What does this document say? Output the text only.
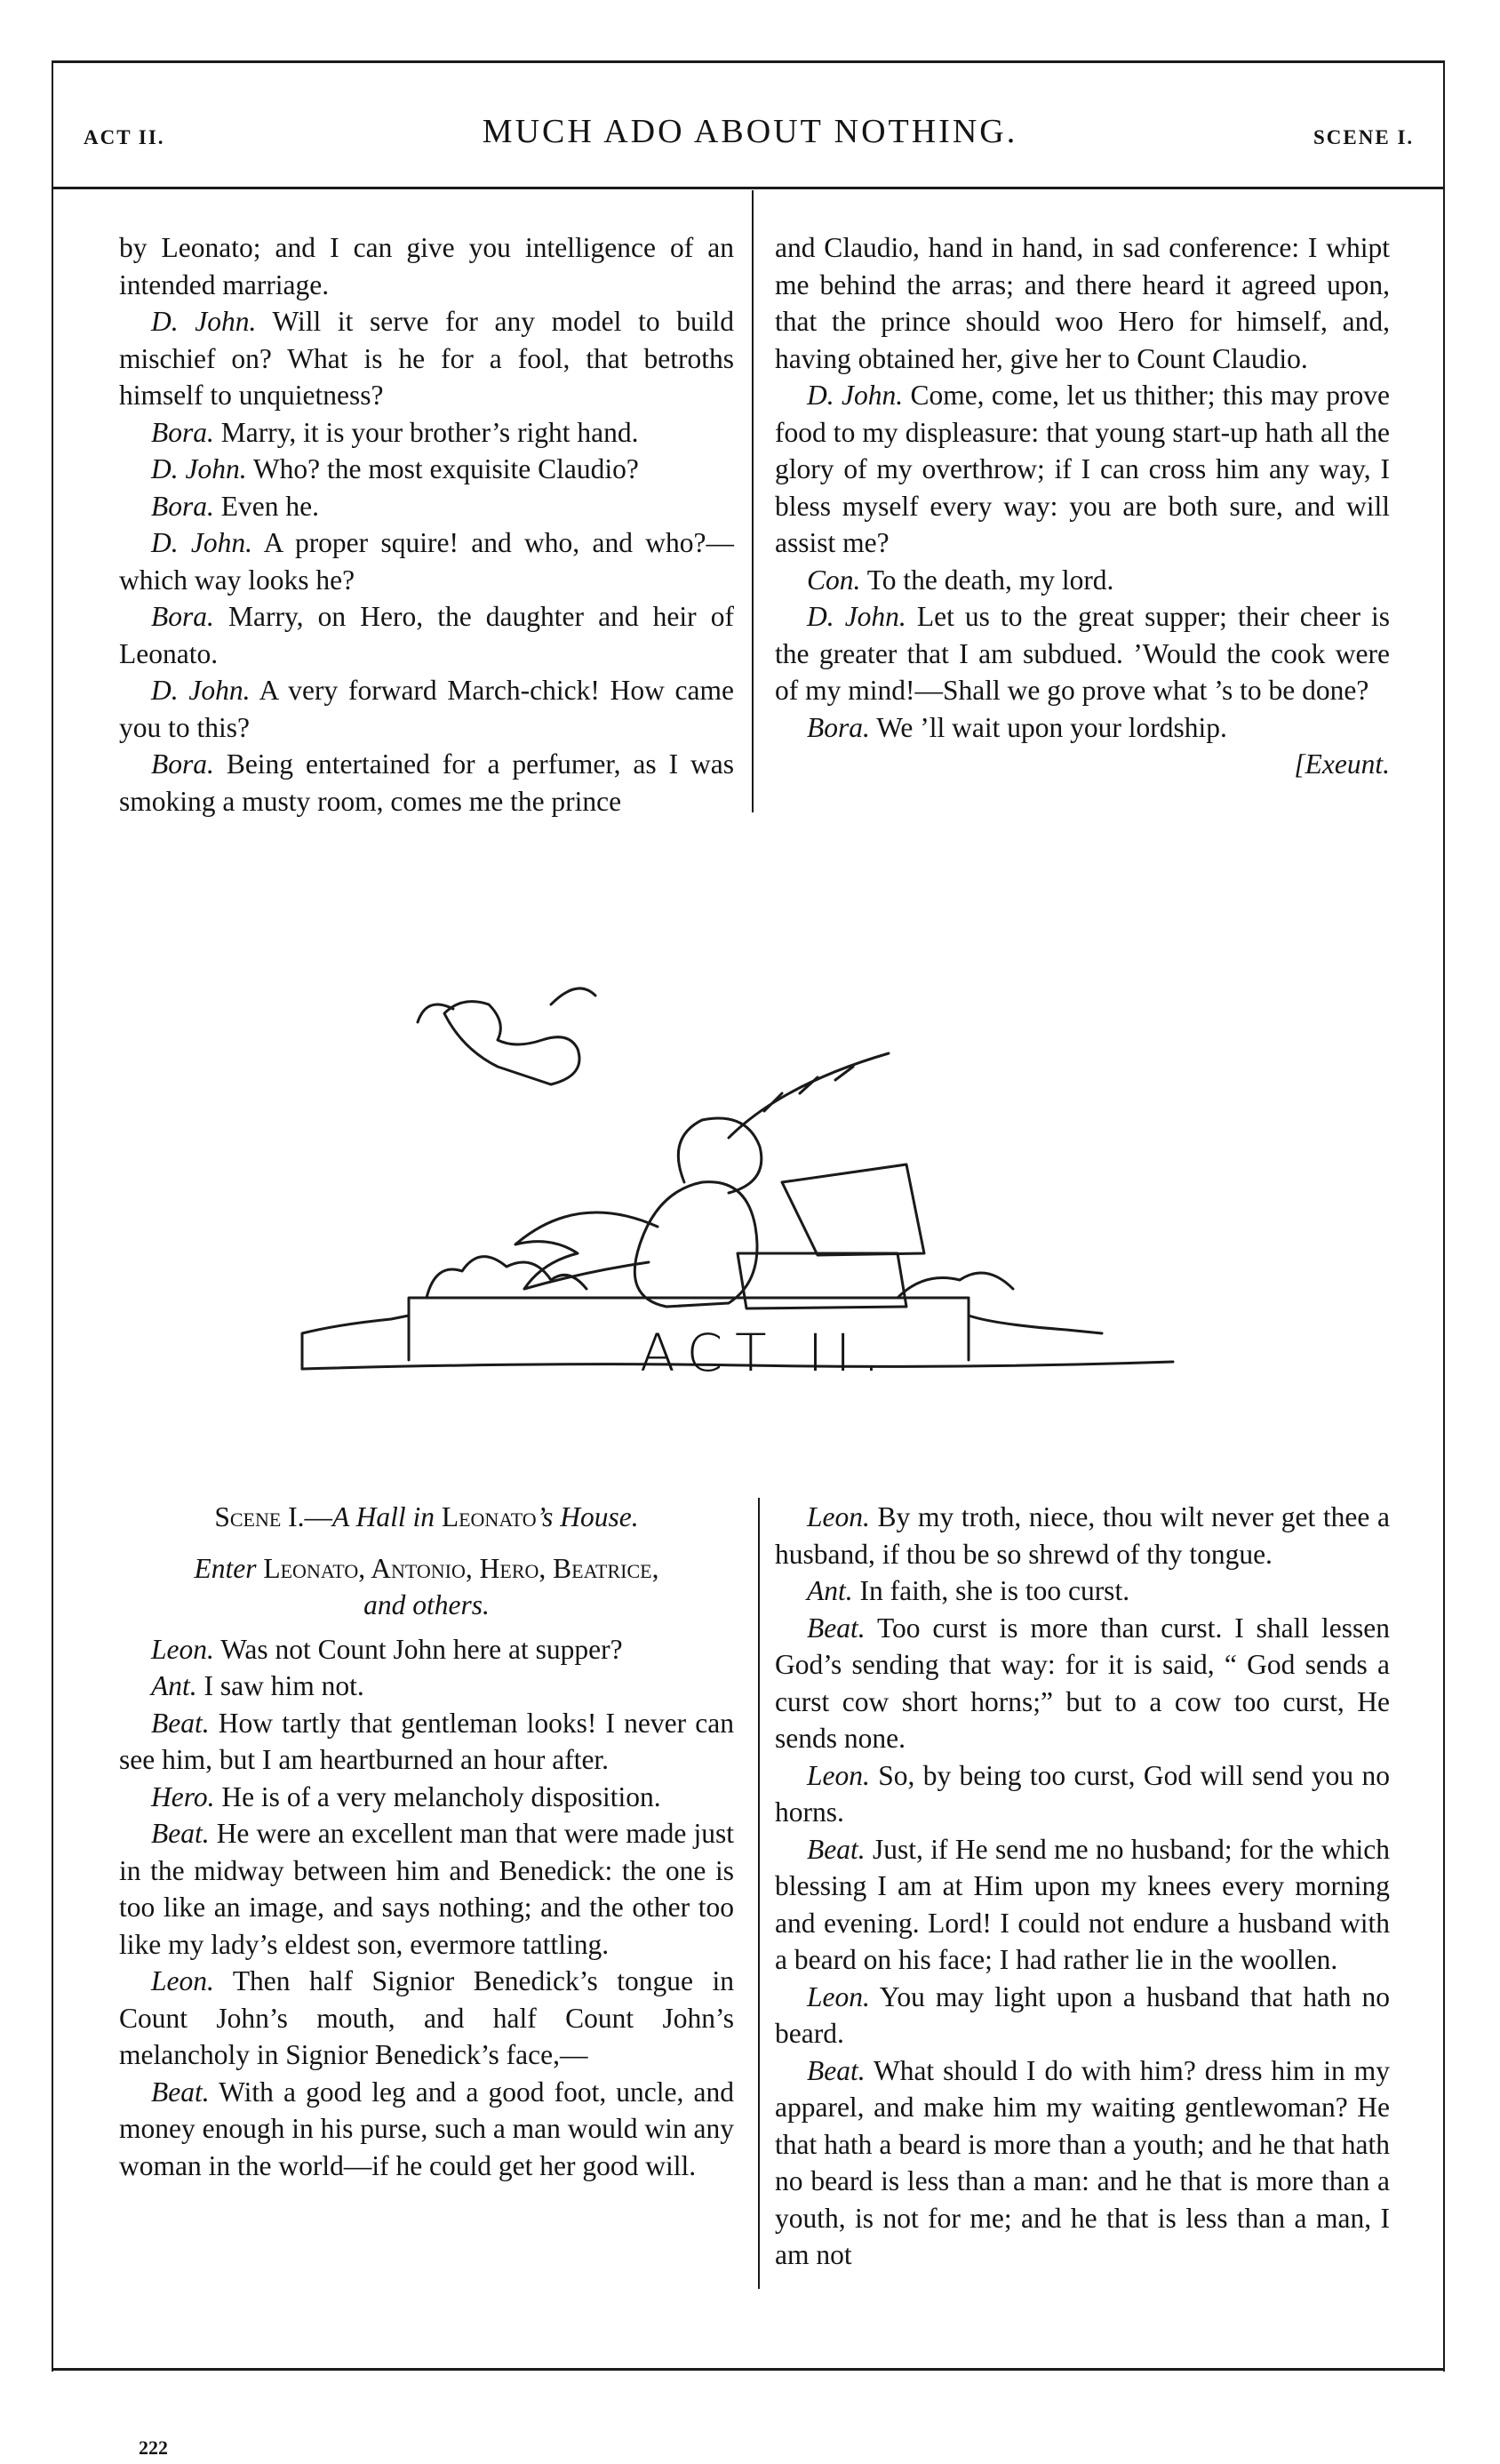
ACT II.	MUCH ADO ABOUT NOTHING.	SCENE I.

by Leonato; and I can give you intelligence of an intended marriage.

D. John. Will it serve for any model to build mischief on? What is he for a fool, that betroths himself to unquietness?

Bora. Marry, it is your brother’s right hand.

D. John. Who? the most exquisite Claudio?

Bora. Even he.

D. John. A proper squire! and who, and who?—which way looks he?

Bora. Marry, on Hero, the daughter and heir of Leonato.

D. John. A very forward March-chick! How came you to this?

Bora. Being entertained for a perfumer, as I was smoking a musty room, comes me the prince

and Claudio, hand in hand, in sad conference: I whipt me behind the arras; and there heard it agreed upon, that the prince should woo Hero for himself, and, having obtained her, give her to Count Claudio.

D. John. Come, come, let us thither; this may prove food to my displeasure: that young start-up hath all the glory of my overthrow; if I can cross him any way, I bless myself every way: you are both sure, and will assist me?

Con. To the death, my lord.

D. John. Let us to the great supper; their cheer is the greater that I am subdued. ’Would the cook were of my mind!—Shall we go prove what ’s to be done?

Bora. We ’ll wait upon your lordship.

[Exeunt.

ACT II.

Scene I.—A Hall in Leonato’s House.

Enter Leonato, Antonio, Hero, Beatrice,
and others.

Leon. Was not Count John here at supper?

Ant. I saw him not.

Beat. How tartly that gentleman looks! I never can see him, but I am heartburned an hour after.

Hero. He is of a very melancholy disposition.

Beat. He were an excellent man that were made just in the midway between him and Benedick: the one is too like an image, and says nothing; and the other too like my lady’s eldest son, evermore tattling.

Leon. Then half Signior Benedick’s tongue in Count John’s mouth, and half Count John’s melancholy in Signior Benedick’s face,—

Beat. With a good leg and a good foot, uncle, and money enough in his purse, such a man would win any woman in the world—if he could get her good will.

Leon. By my troth, niece, thou wilt never get thee a husband, if thou be so shrewd of thy tongue.

Ant. In faith, she is too curst.

Beat. Too curst is more than curst. I shall lessen God’s sending that way: for it is said, “ God sends a curst cow short horns;” but to a cow too curst, He sends none.

Leon. So, by being too curst, God will send you no horns.

Beat. Just, if He send me no husband; for the which blessing I am at Him upon my knees every morning and evening. Lord! I could not endure a husband with a beard on his face; I had rather lie in the woollen.

Leon. You may light upon a husband that hath no beard.

Beat. What should I do with him? dress him in my apparel, and make him my waiting gentlewoman? He that hath a beard is more than a youth; and he that hath no beard is less than a man: and he that is more than a youth, is not for me; and he that is less than a man, I am not

222
